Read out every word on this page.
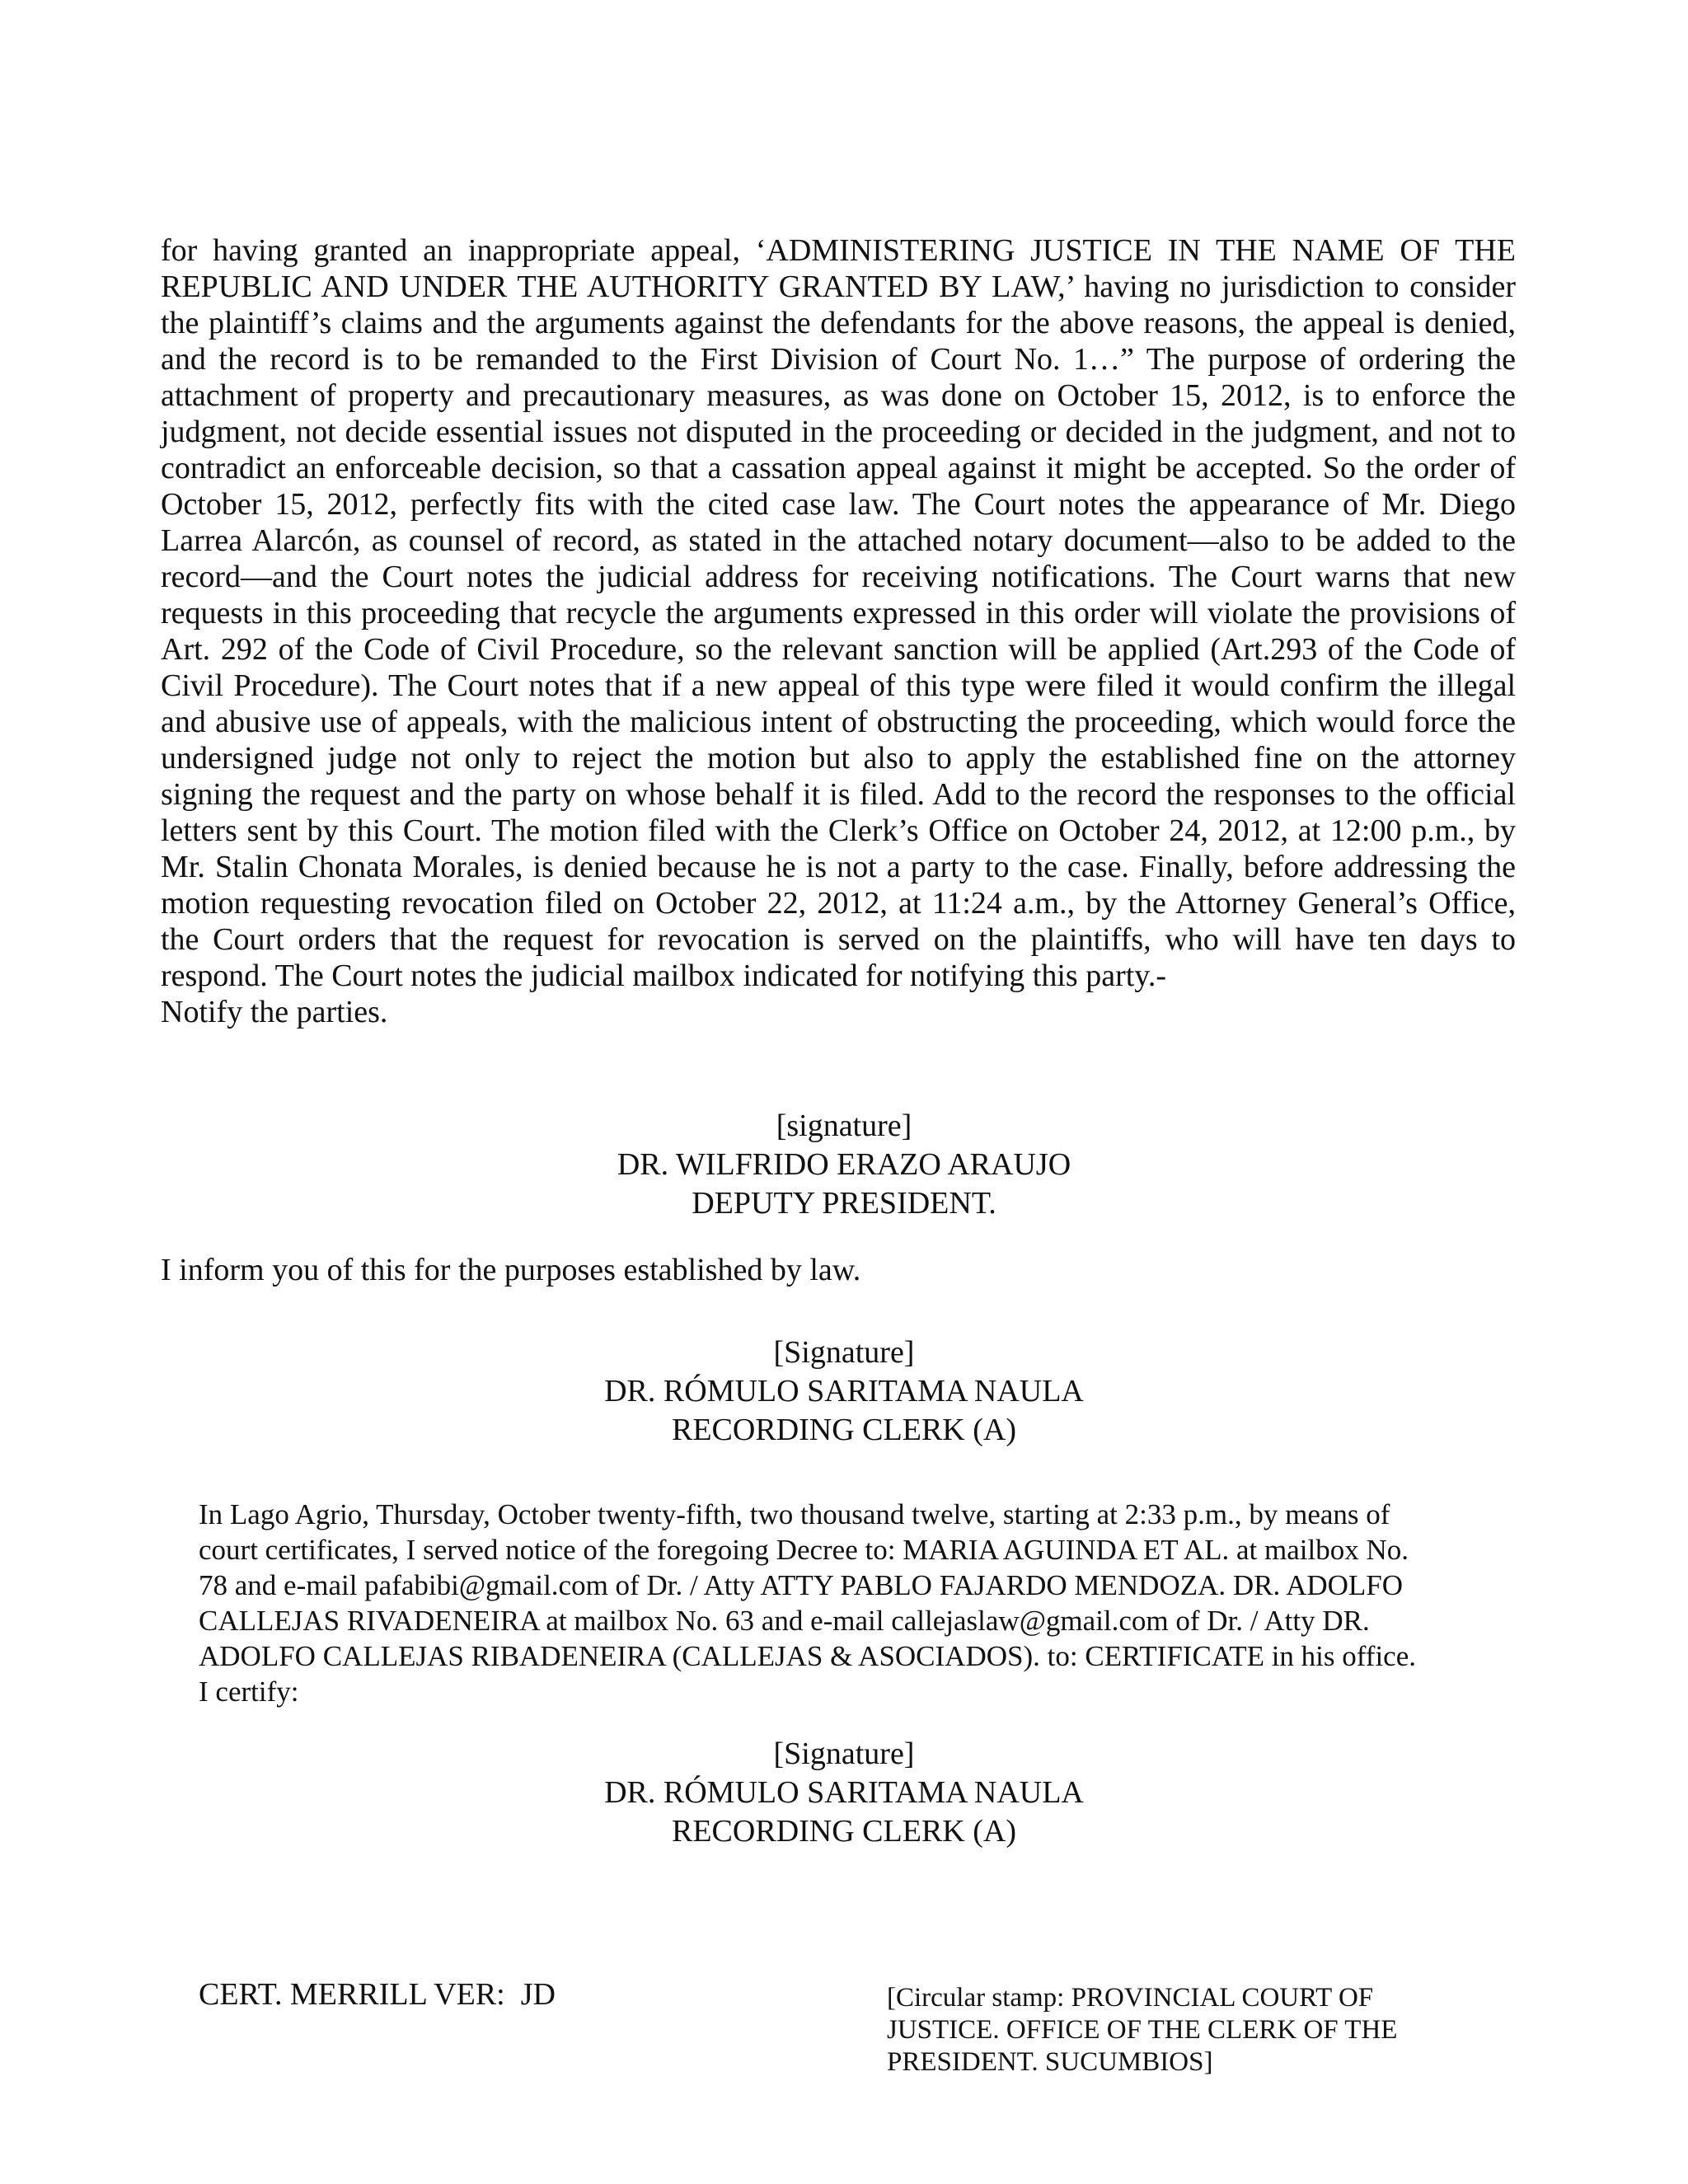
for having granted an inappropriate appeal, ‘ADMINISTERING JUSTICE IN THE NAME OF THE REPUBLIC AND UNDER THE AUTHORITY GRANTED BY LAW,’ having no jurisdiction to consider the plaintiff’s claims and the arguments against the defendants for the above reasons, the appeal is denied, and the record is to be remanded to the First Division of Court No. 1…” The purpose of ordering the attachment of property and precautionary measures, as was done on October 15, 2012, is to enforce the judgment, not decide essential issues not disputed in the proceeding or decided in the judgment, and not to contradict an enforceable decision, so that a cassation appeal against it might be accepted. So the order of October 15, 2012, perfectly fits with the cited case law. The Court notes the appearance of Mr. Diego Larrea Alarcón, as counsel of record, as stated in the attached notary document—also to be added to the record—and the Court notes the judicial address for receiving notifications. The Court warns that new requests in this proceeding that recycle the arguments expressed in this order will violate the provisions of Art. 292 of the Code of Civil Procedure, so the relevant sanction will be applied (Art.293 of the Code of Civil Procedure). The Court notes that if a new appeal of this type were filed it would confirm the illegal and abusive use of appeals, with the malicious intent of obstructing the proceeding, which would force the undersigned judge not only to reject the motion but also to apply the established fine on the attorney signing the request and the party on whose behalf it is filed. Add to the record the responses to the official letters sent by this Court. The motion filed with the Clerk’s Office on October 24, 2012, at 12:00 p.m., by Mr. Stalin Chonata Morales, is denied because he is not a party to the case. Finally, before addressing the motion requesting revocation filed on October 22, 2012, at 11:24 a.m., by the Attorney General’s Office, the Court orders that the request for revocation is served on the plaintiffs, who will have ten days to respond. The Court notes the judicial mailbox indicated for notifying this party.-

Notify the parties.

[signature]
DR. WILFRIDO ERAZO ARAUJO
DEPUTY PRESIDENT.

I inform you of this for the purposes established by law.

[Signature]
DR. RÓMULO SARITAMA NAULA
RECORDING CLERK (A)
In Lago Agrio, Thursday, October twenty-fifth, two thousand twelve, starting at 2:33 p.m., by means of
court certificates, I served notice of the foregoing Decree to: MARIA AGUINDA ET AL. at mailbox No.
78 and e-mail pafabibi@gmail.com of Dr. / Atty ATTY PABLO FAJARDO MENDOZA. DR. ADOLFO
CALLEJAS RIVADENEIRA at mailbox No. 63 and e-mail callejaslaw@gmail.com of Dr. / Atty DR.
ADOLFO CALLEJAS RIBADENEIRA (CALLEJAS & ASOCIADOS). to: CERTIFICATE in his office.
I certify:
[Signature]
DR. RÓMULO SARITAMA NAULA
RECORDING CLERK (A)

CERT. MERRILL VER:  JD	[Circular stamp: PROVINCIAL COURT OF
JUSTICE. OFFICE OF THE CLERK OF THE
PRESIDENT. SUCUMBIOS]
